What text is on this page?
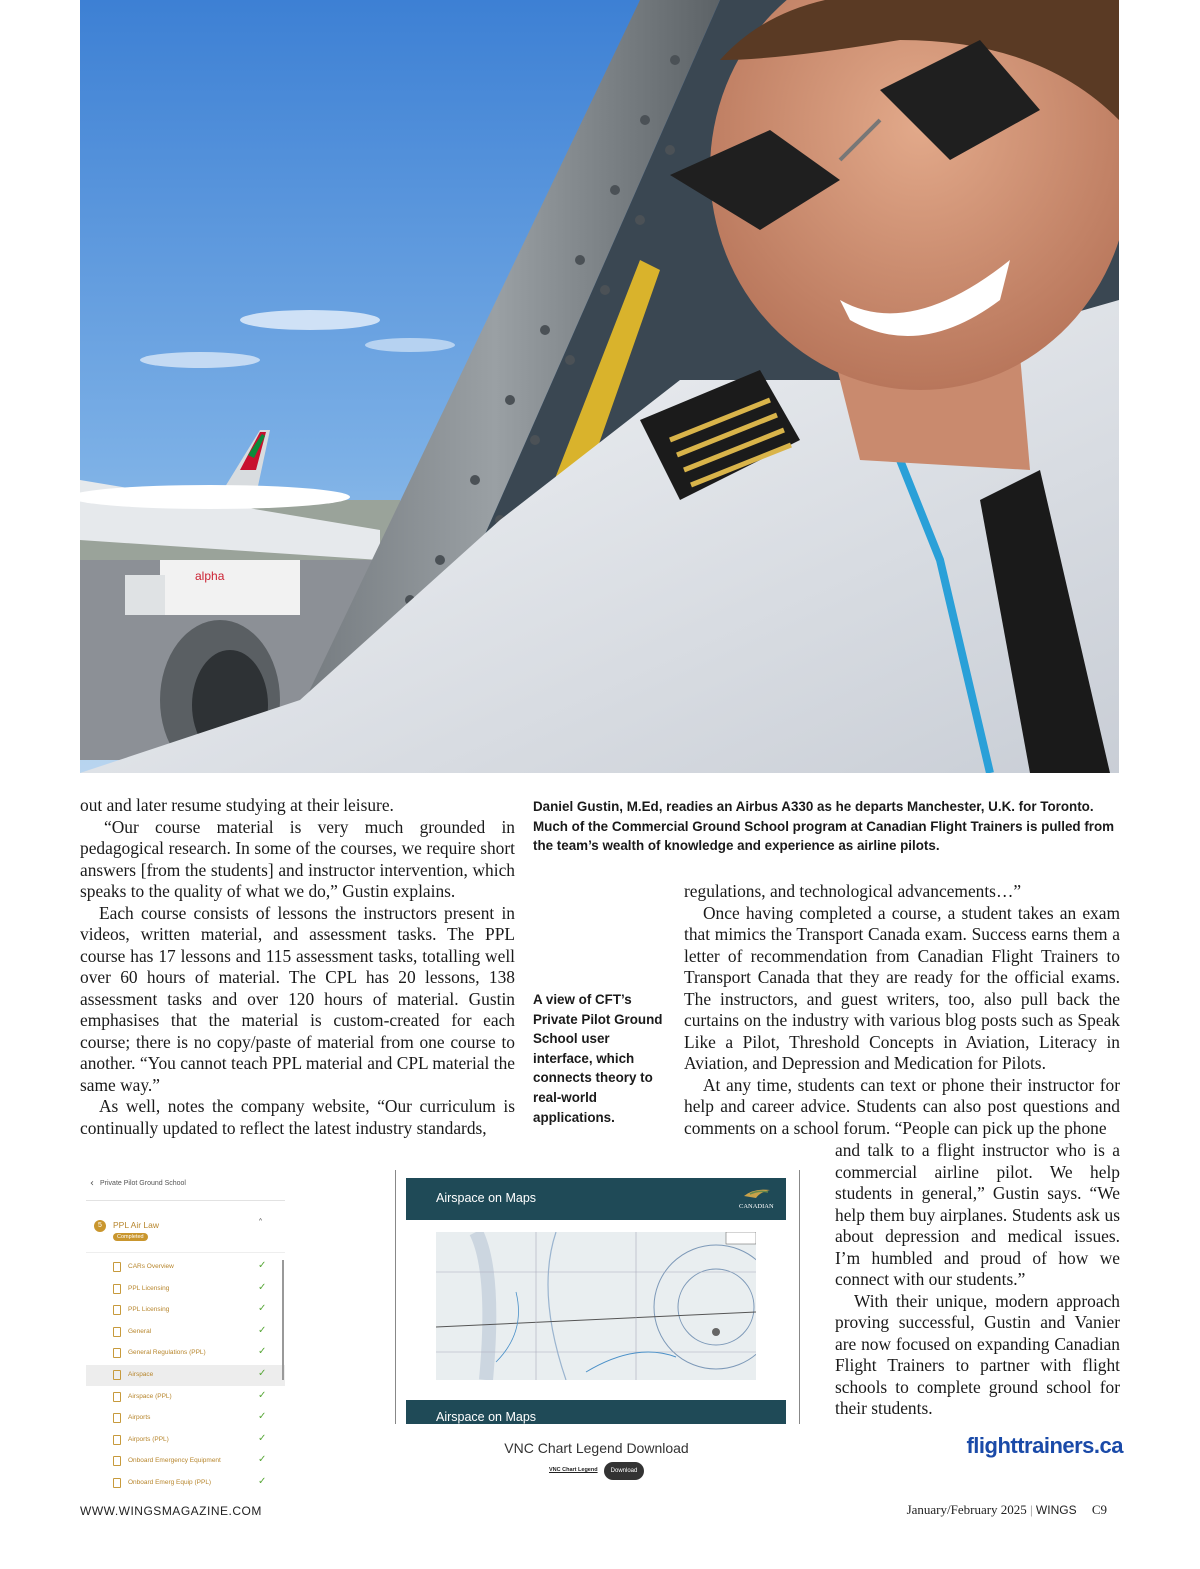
alpha

out and later resume studying at their leisure.

“Our course material is very much grounded in pedagogical research. In some of the courses, we require short answers [from the students] and instructor intervention, which speaks to the quality of what we do,” Gustin explains.

Each course consists of lessons the instructors present in videos, written material, and assessment tasks. The PPL course has 17 lessons and 115 assessment tasks, totalling well over 60 hours of material. The CPL has 20 lessons, 138 assessment tasks and over 120 hours of material. Gustin emphasises that the material is custom-created for each course; there is no copy/paste of material from one course to another. “You cannot teach PPL material and CPL material the same way.”

As well, notes the company website, “Our curriculum is continually updated to reflect the latest industry standards,

Daniel Gustin, M.Ed, readies an Airbus A330 as he departs Manchester, U.K. for Toronto. Much of the Commercial Ground School program at Canadian Flight Trainers is pulled from the team’s wealth of knowledge and experience as airline pilots.
A view of CFT’s Private Pilot Ground School user interface, which connects theory to real-world applications.

regulations, and technological advancements…”

Once having completed a course, a student takes an exam that mimics the Transport Canada exam. Success earns them a letter of recommendation from Canadian Flight Trainers to Transport Canada that they are ready for the official exams. The instructors, and guest writers, too, also pull back the curtains on the industry with various blog posts such as Speak Like a Pilot, Threshold Concepts in Aviation, Literacy in Aviation, and Depression and Medication for Pilots.

At any time, students can text or phone their instructor for help and career advice. Students can also post questions and comments on a school forum. “People can pick up the phone

and talk to a flight instructor who is a commercial airline pilot. We help students in general,” Gustin says. “We help them buy airplanes. Students ask us about depression and medical issues. I’m humbled and proud of how we connect with our students.”

With their unique, modern approach proving successful, Gustin and Vanier are now focused on expanding Canadian Flight Trainers to partner with flight schools to complete ground school for their students.

flighttrainers.ca
‹ Private Pilot Ground School
5	PPL Air Law
Completed
˄
CARs Overview	✓
PPL Licensing	✓
PPL Licensing	✓
General	✓
General Regulations (PPL)	✓
Airspace	✓
Airspace (PPL)	✓
Airports	✓
Airports (PPL)	✓
Onboard Emergency Equipment	✓
Onboard Emerg Equip (PPL)	✓
Airspace on Maps
CANADIAN
Airspace on Maps
VNC Chart Legend Download
VNC Chart Legend	Download
WWW.WINGSMAGAZINE.COM	January/February 2025 | WINGS C9
